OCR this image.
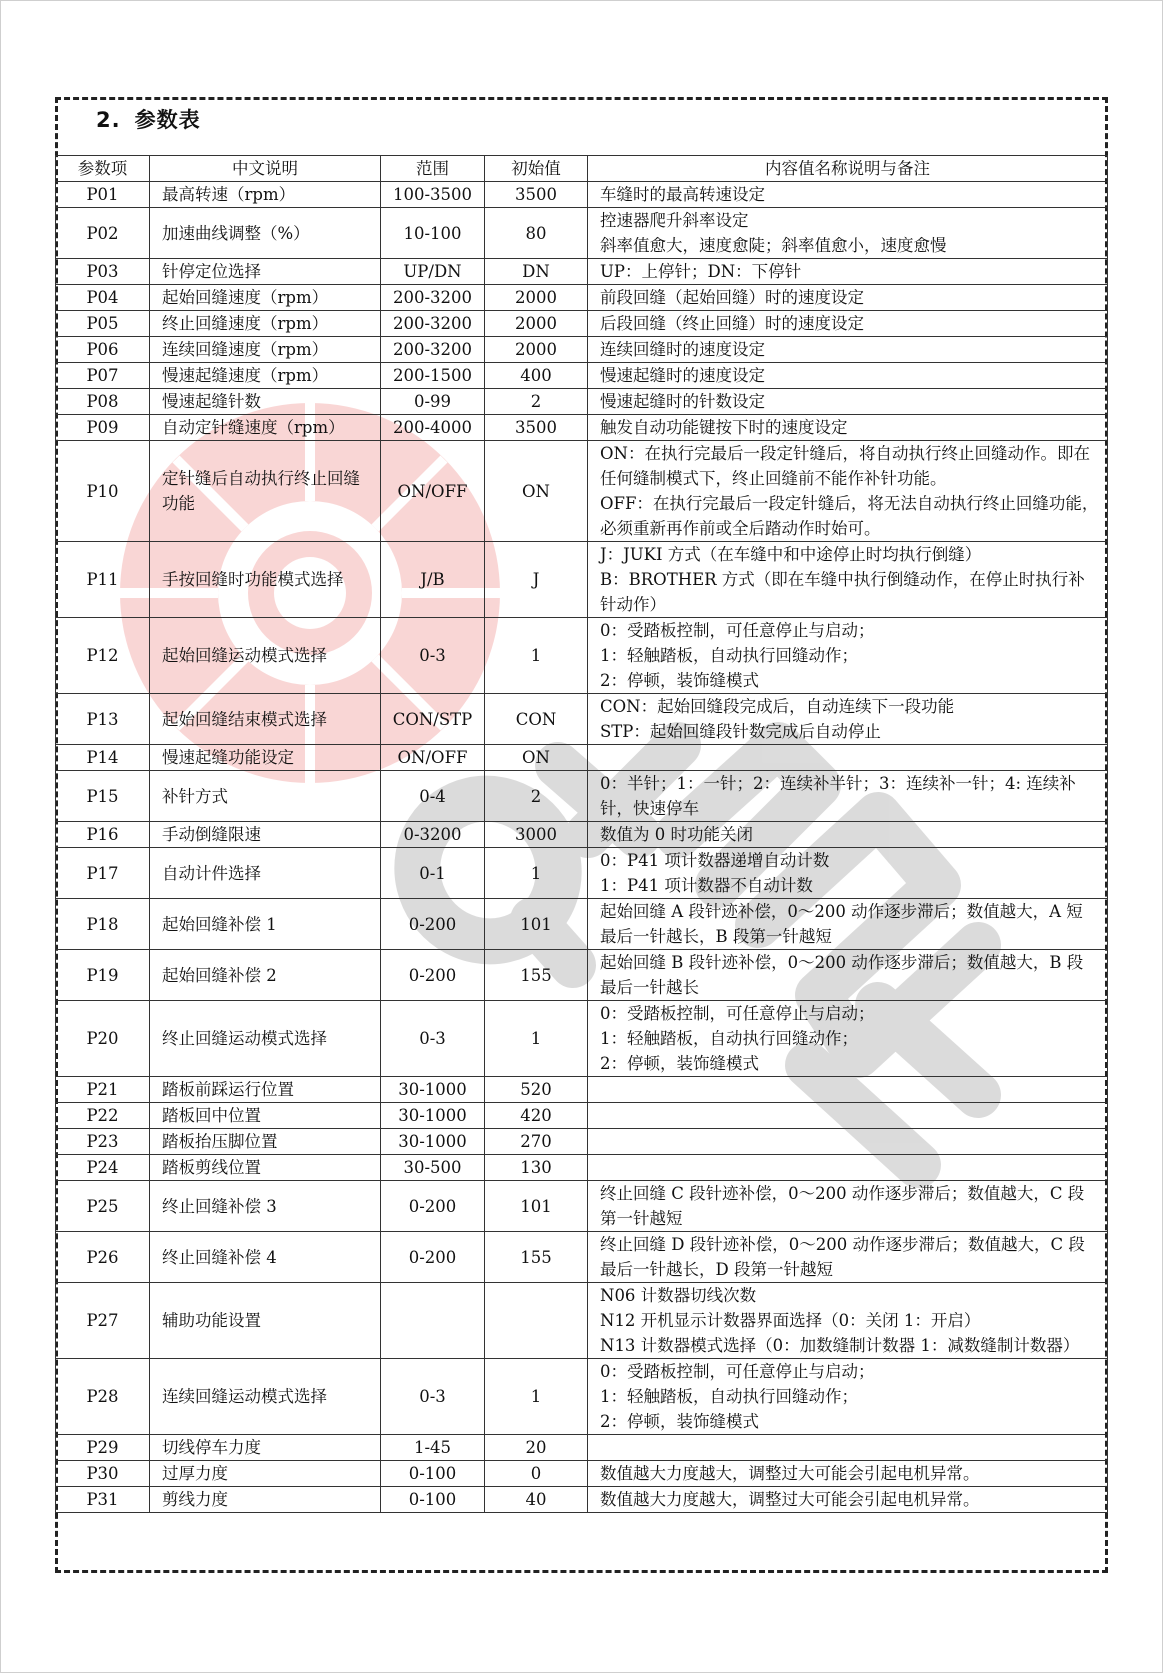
2. 参数表
参数项	中文说明	范围	初始值	内容值名称说明与备注
P01	最高转速（rpm）	100-3500	3500	车缝时的最高转速设定
P02	加速曲线调整（%）	10-100	80	控速器爬升斜率设定
斜率值愈大，速度愈陡；斜率值愈小，速度愈慢
P03	针停定位选择	UP/DN	DN	UP：上停针；DN：下停针
P04	起始回缝速度（rpm）	200-3200	2000	前段回缝（起始回缝）时的速度设定
P05	终止回缝速度（rpm）	200-3200	2000	后段回缝（终止回缝）时的速度设定
P06	连续回缝速度（rpm）	200-3200	2000	连续回缝时的速度设定
P07	慢速起缝速度（rpm）	200-1500	400	慢速起缝时的速度设定
P08	慢速起缝针数	0-99	2	慢速起缝时的针数设定
P09	自动定针缝速度（rpm）	200-4000	3500	触发自动功能键按下时的速度设定
P10	定针缝后自动执行终止回缝功能	ON/OFF	ON	ON：在执行完最后一段定针缝后，将自动执行终止回缝动作。即在任何缝制模式下，终止回缝前不能作补针功能。
OFF：在执行完最后一段定针缝后，将无法自动执行终止回缝功能，必须重新再作前或全后踏动作时始可。
P11	手按回缝时功能模式选择	J/B	J	J：JUKI 方式（在车缝中和中途停止时均执行倒缝）
B：BROTHER 方式（即在车缝中执行倒缝动作，在停止时执行补针动作）
P12	起始回缝运动模式选择	0-3	1	0：受踏板控制，可任意停止与启动；
1：轻触踏板，自动执行回缝动作；
2：停顿，装饰缝模式
P13	起始回缝结束模式选择	CON/STP	CON	CON：起始回缝段完成后，自动连续下一段功能
STP：起始回缝段针数完成后自动停止
P14	慢速起缝功能设定	ON/OFF	ON	
P15	补针方式	0-4	2	0：半针；1：一针；2：连续补半针；3：连续补一针；4: 连续补针，快速停车
P16	手动倒缝限速	0-3200	3000	数值为 0 时功能关闭
P17	自动计件选择	0-1	1	0：P41 项计数器递增自动计数
1：P41 项计数器不自动计数
P18	起始回缝补偿 1	0-200	101	起始回缝 A 段针迹补偿，0～200 动作逐步滞后；数值越大，A 短最后一针越长，B 段第一针越短
P19	起始回缝补偿 2	0-200	155	起始回缝 B 段针迹补偿，0～200 动作逐步滞后；数值越大，B 段最后一针越长
P20	终止回缝运动模式选择	0-3	1	0：受踏板控制，可任意停止与启动；
1：轻触踏板，自动执行回缝动作；
2：停顿，装饰缝模式
P21	踏板前踩运行位置	30-1000	520	
P22	踏板回中位置	30-1000	420	
P23	踏板抬压脚位置	30-1000	270	
P24	踏板剪线位置	30-500	130	
P25	终止回缝补偿 3	0-200	101	终止回缝 C 段针迹补偿，0～200 动作逐步滞后；数值越大，C 段第一针越短
P26	终止回缝补偿 4	0-200	155	终止回缝 D 段针迹补偿，0～200 动作逐步滞后；数值越大，C 段最后一针越长，D 段第一针越短
P27	辅助功能设置			N06 计数器切线次数
N12 开机显示计数器界面选择（0：关闭 1：开启）
N13 计数器模式选择（0：加数缝制计数器 1：减数缝制计数器）
P28	连续回缝运动模式选择	0-3	1	0：受踏板控制，可任意停止与启动；
1：轻触踏板，自动执行回缝动作；
2：停顿，装饰缝模式
P29	切线停车力度	1-45	20	
P30	过厚力度	0-100	0	数值越大力度越大，调整过大可能会引起电机异常。
P31	剪线力度	0-100	40	数值越大力度越大，调整过大可能会引起电机异常。
